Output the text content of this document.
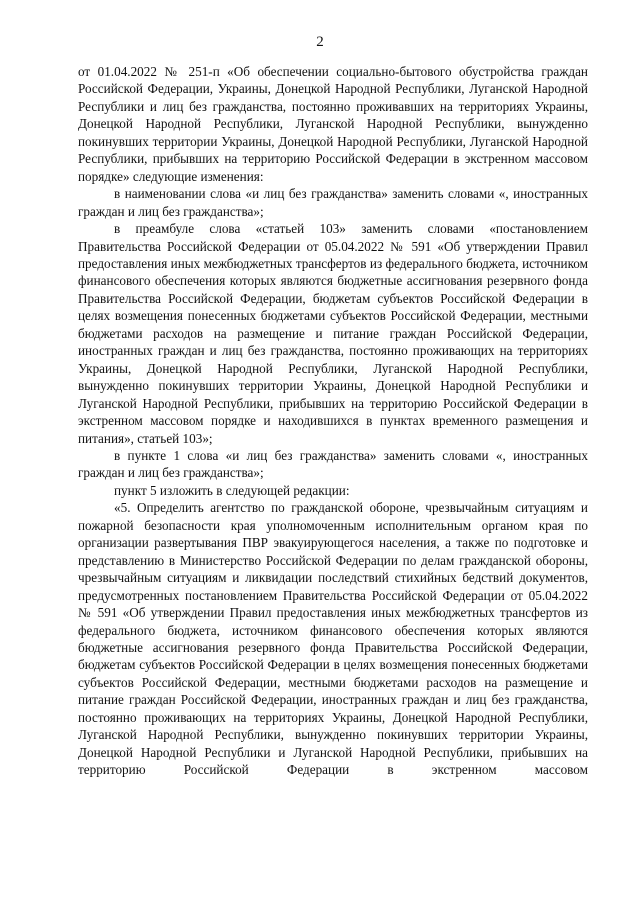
2

от 01.04.2022 № 251-п «Об обеспечении социально-бытового обустройства граждан Российской Федерации, Украины, Донецкой Народной Республики, Луганской Народной Республики и лиц без гражданства, постоянно проживавших на территориях Украины, Донецкой Народной Республики, Луганской Народной Республики, вынужденно покинувших территории Украины, Донецкой Народной Республики, Луганской Народной Республики, прибывших на территорию Российской Федерации в экстренном массовом порядке» следующие изменения:

в наименовании слова «и лиц без гражданства» заменить словами «, иностранных граждан и лиц без гражданства»;

в преамбуле слова «статьей 103» заменить словами «постановлением Правительства Российской Федерации от 05.04.2022 № 591 «Об утверждении Правил предоставления иных межбюджетных трансфертов из федерального бюджета, источником финансового обеспечения которых являются бюджетные ассигнования резервного фонда Правительства Российской Федерации, бюджетам субъектов Российской Федерации в целях возмещения понесенных бюджетами субъектов Российской Федерации, местными бюджетами расходов на размещение и питание граждан Российской Федерации, иностранных граждан и лиц без гражданства, постоянно проживающих на территориях Украины, Донецкой Народной Республики, Луганской Народной Республики, вынужденно покинувших территории Украины, Донецкой Народной Республики и Луганской Народной Республики, прибывших на территорию Российской Федерации в экстренном массовом порядке и находившихся в пунктах временного размещения и питания», статьей 103»;

в пункте 1 слова «и лиц без гражданства» заменить словами «, иностранных граждан и лиц без гражданства»;

пункт 5 изложить в следующей редакции:

«5. Определить агентство по гражданской обороне, чрезвычайным ситуациям и пожарной безопасности края уполномоченным исполнительным органом края по организации развертывания ПВР эвакуирующегося населения, а также по подготовке и представлению в Министерство Российской Федерации по делам гражданской обороны, чрезвычайным ситуациям и ликвидации последствий стихийных бедствий документов, предусмотренных постановлением Правительства Российской Федерации от 05.04.2022 № 591 «Об утверждении Правил предоставления иных межбюджетных трансфертов из федерального бюджета, источником финансового обеспечения которых являются бюджетные ассигнования резервного фонда Правительства Российской Федерации, бюджетам субъектов Российской Федерации в целях возмещения понесенных бюджетами субъектов Российской Федерации, местными бюджетами расходов на размещение и питание граждан Российской Федерации, иностранных граждан и лиц без гражданства, постоянно проживающих на территориях Украины, Донецкой Народной Республики, Луганской Народной Республики, вынужденно покинувших территории Украины, Донецкой Народной Республики и Луганской Народной Республики, прибывших на территорию Российской Федерации в экстренном массовом
